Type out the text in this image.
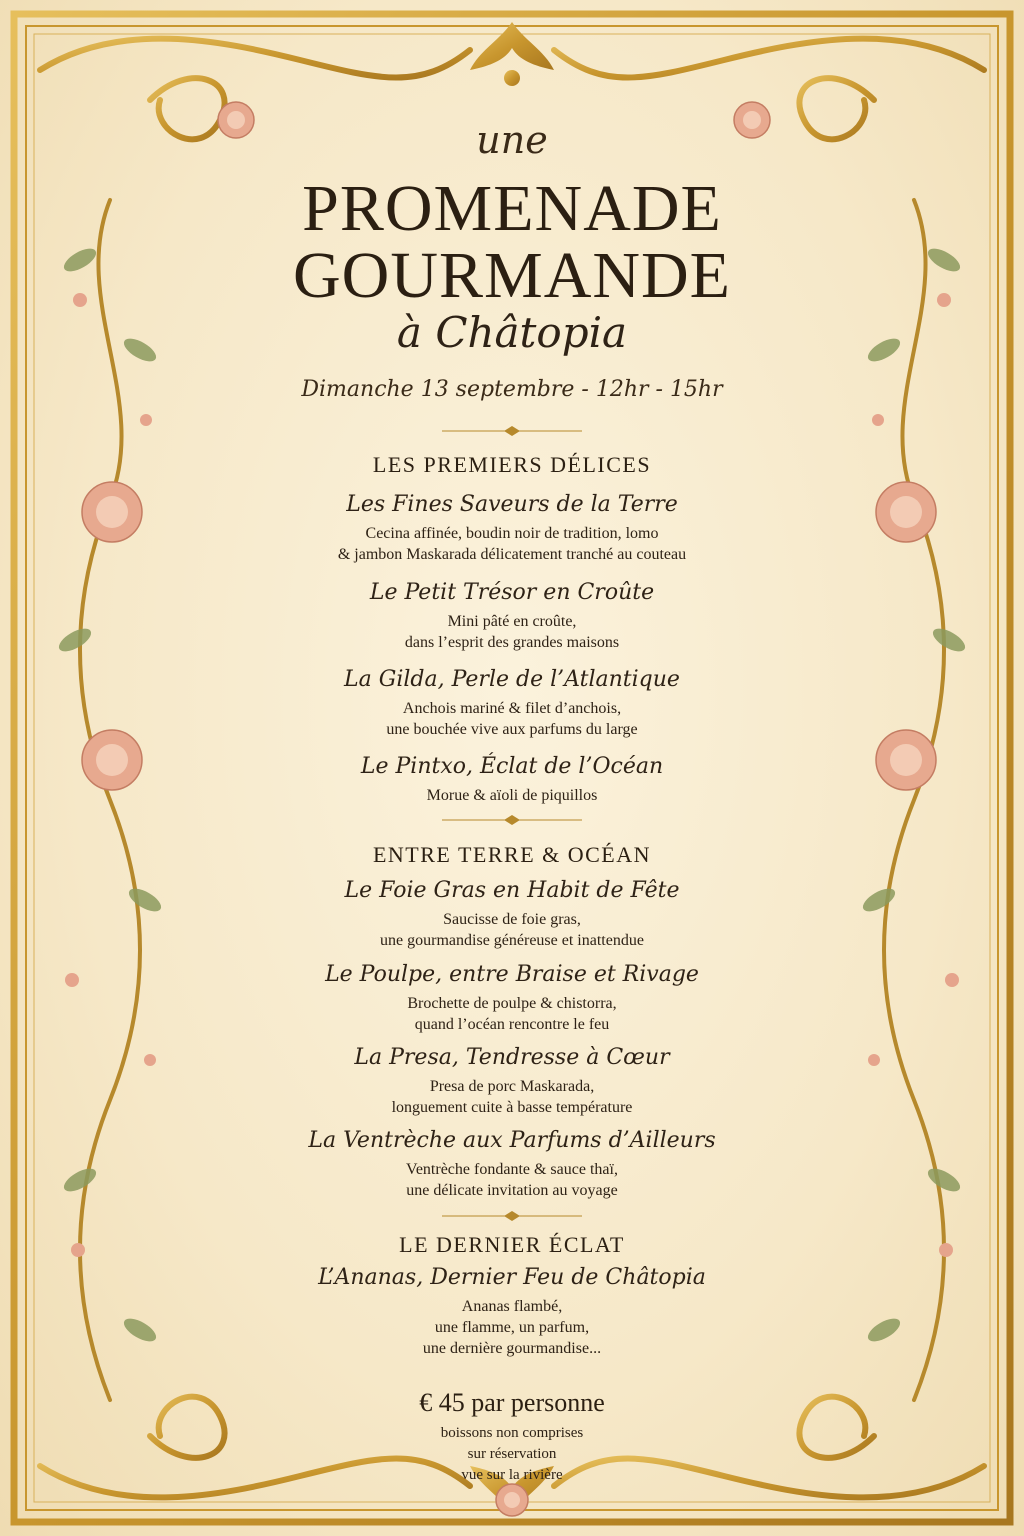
une
PROMENADE
GOURMANDE
à Châtopia
Dimanche 13 septembre - 12hr - 15hr
LES PREMIERS DÉLICES
Les Fines Saveurs de la Terre
Cecina affinée, boudin noir de tradition, lomo
& jambon Maskarada délicatement tranché au couteau
Le Petit Trésor en Croûte
Mini pâté en croûte,
dans l’esprit des grandes maisons
La Gilda, Perle de l’Atlantique
Anchois mariné & filet d’anchois,
une bouchée vive aux parfums du large
Le Pintxo, Éclat de l’Océan
Morue & aïoli de piquillos
ENTRE TERRE & OCÉAN
Le Foie Gras en Habit de Fête
Saucisse de foie gras,
une gourmandise généreuse et inattendue
Le Poulpe, entre Braise et Rivage
Brochette de poulpe & chistorra,
quand l’océan rencontre le feu
La Presa, Tendresse à Cœur
Presa de porc Maskarada,
longuement cuite à basse température
La Ventrèche aux Parfums d’Ailleurs
Ventrèche fondante & sauce thaï,
une délicate invitation au voyage
LE DERNIER ÉCLAT
L’Ananas, Dernier Feu de Châtopia
Ananas flambé,
une flamme, un parfum,
une dernière gourmandise...
€ 45 par personne
boissons non comprises
sur réservation
vue sur la rivière
